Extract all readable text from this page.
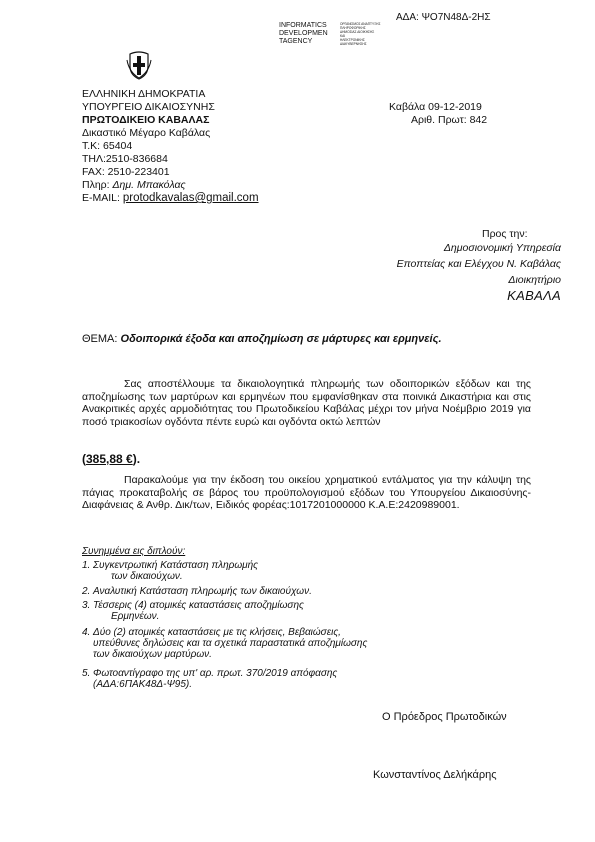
ΑΔΑ: ΨΟ7Ν48Δ-2ΗΣ
INFORMATICS
DEVELOPMEN
TAGENCY
ΟΡΓΑΝΙΣΜΟΣ ΑΝΑΠΤΥΞΗΣ
ΠΛΗΡΟΦΟΡΙΚΗΣ
ΔΗΜΟΣΙΑΣ ΔΙΟΙΚΗΣΗΣ
ΚΑΙ
ΗΛΕΚΤΡΟΝΙΚΗΣ
ΔΙΑΚΥΒΕΡΝΗΣΗΣ
ΕΛΛΗΝΙΚΗ ΔΗΜΟΚΡΑΤΙΑ
ΥΠΟΥΡΓΕΙΟ ΔΙΚΑΙΟΣΥΝΗΣ
ΠΡΩΤΟΔΙΚΕΙΟ ΚΑΒΑΛΑΣ
Δικαστικό Μέγαρο Καβάλας
Τ.Κ: 65404
ΤΗΛ:2510-836684
FAX: 2510-223401
Πληρ: Δημ. Μπακόλας
E-MAIL: protodkavalas@gmail.com
Καβάλα 09-12-2019
Αριθ. Πρωτ: 842
Προς την:
Δημοσιονομική Υπηρεσία
Εποπτείας και Ελέγχου Ν. Καβάλας
Διοικητήριο
ΚΑΒΑΛΑ
ΘΕΜΑ: Οδοιπορικά έξοδα και αποζημίωση σε μάρτυρες και ερμηνείς.
Σας αποστέλλουμε τα δικαιολογητικά πληρωμής των οδοιπορικών εξόδων και της αποζημίωσης των μαρτύρων και ερμηνέων που εμφανίσθηκαν στα ποινικά Δικαστήρια και στις Ανακριτικές αρχές αρμοδιότητας του Πρωτοδικείου Καβάλας μέχρι τον μήνα Νοέμβριο 2019 για ποσό τριακοσίων ογδόντα πέντε ευρώ και ογδόντα οκτώ λεπτών
(385,88 €).
Παρακαλούμε για την έκδοση του οικείου χρηματικού εντάλματος για την κάλυψη της πάγιας προκαταβολής σε βάρος του προϋπολογισμού εξόδων του Υπουργείου Δικαιοσύνης-Διαφάνειας & Ανθρ. Δικ/των, Ειδικός φορέας:1017201000000 Κ.Α.Ε:2420989001.
Συνημμένα εις διπλούν:
1. Συγκεντρωτική Κατάσταση πληρωμής
των δικαιούχων.
2. Αναλυτική Κατάσταση πληρωμής των δικαιούχων.
3. Τέσσερις (4) ατομικές καταστάσεις αποζημίωσης
Ερμηνέων.
4. Δύο (2) ατομικές καταστάσεις με τις κλήσεις, Βεβαιώσεις,
υπεύθυνες δηλώσεις και τα σχετικά παραστατικά αποζημίωσης
των δικαιούχων μαρτύρων.
5. Φωτοαντίγραφο της υπ' αρ. πρωτ. 370/2019 απόφασης
(ΑΔΑ:6ΠΑΚ48Δ-Ψ95).
Ο Πρόεδρος Πρωτοδικών
Κωνσταντίνος Δελήκάρης
